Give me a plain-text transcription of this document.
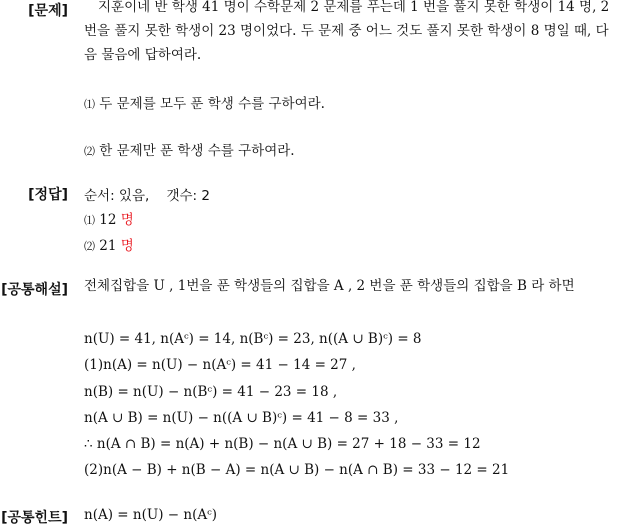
[문제]	지훈이네 반 학생 41 명이 수학문제 2 문제를 푸는데 1 번을 풀지 못한 학생이 14 명, 2 번을 풀지 못한 학생이 23 명이었다. 두 문제 중 어느 것도 풀지 못한 학생이 8 명일 때, 다음 물음에 답하여라.
⑴ 두 문제를 모두 푼 학생 수를 구하여라.
⑵ 한 문제만 푼 학생 수를 구하여라.
[정답] 순서: 있음,    갯수: 2
⑴ 12 명
⑵ 21 명
[공통해설] 전체집합을 U , 1번을 푼 학생들의 집합을 A , 2 번을 푼 학생들의 집합을 B 라 하면
n(U) = 41, n(Aᶜ) = 14, n(Bᶜ) = 23, n((A ∪ B)ᶜ) = 8
(1)n(A) = n(U) − n(Aᶜ) = 41 − 14 = 27 ,
n(B) = n(U) − n(Bᶜ) = 41 − 23 = 18 ,
n(A ∪ B) = n(U) − n((A ∪ B)ᶜ) = 41 − 8 = 33 ,
∴ n(A ∩ B) = n(A) + n(B) − n(A ∪ B) = 27 + 18 − 33 = 12
(2)n(A − B) + n(B − A) = n(A ∪ B) − n(A ∩ B) = 33 − 12 = 21
[공통힌트] n(A) = n(U) − n(Aᶜ)
